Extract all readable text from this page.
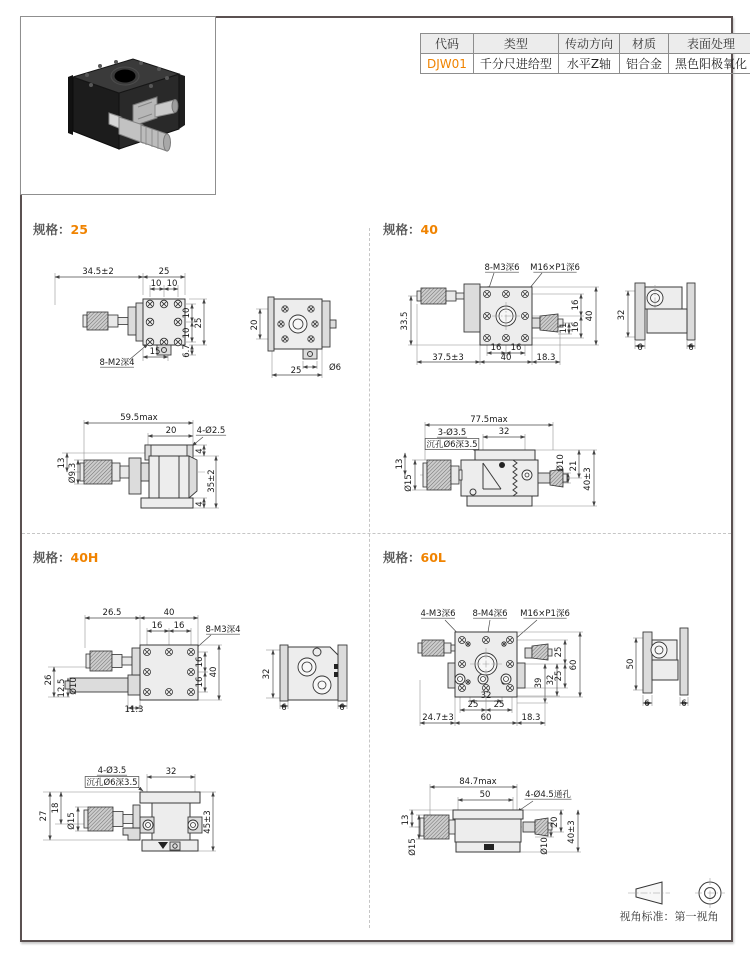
代码	类型	传动方向	材质	表面处理
DJW01	千分尺进给型	水平Z轴	铝合金	黑色阳极氧化
规格：25	规格：40
规格：40H	规格：60L
34.5±2	25
10 10
10
10
25
6.7
15
8-M2深4
20
25	Ø6
59.5max
20 4-Ø2.5
13 Ø9.3
4
35±2
4
8-M3深6 M16×P1深6
33.5
16
16
40
11
16 16
37.5±3	40	18.3
32
6	6
77.5max
3-Ø3.5
沉孔Ø6深3.5
32
13
Ø15
Ø10 21
40±3
26.5	40
16 16 8-M3深4
26 12.5 Ø10
11.3
16
16
40	32
6	6
4-Ø3.5
沉孔Ø6深3.5
32
27
18
Ø15	45±3
4-M3深6 8-M4深6 M16×P1深6
25
25
32
39
60
32
25 25
24.7±3	60	18.3
50
6	6
84.7max
50	4-Ø4.5通孔
13
Ø15
20
Ø10
40±3
视角标准：第一视角
